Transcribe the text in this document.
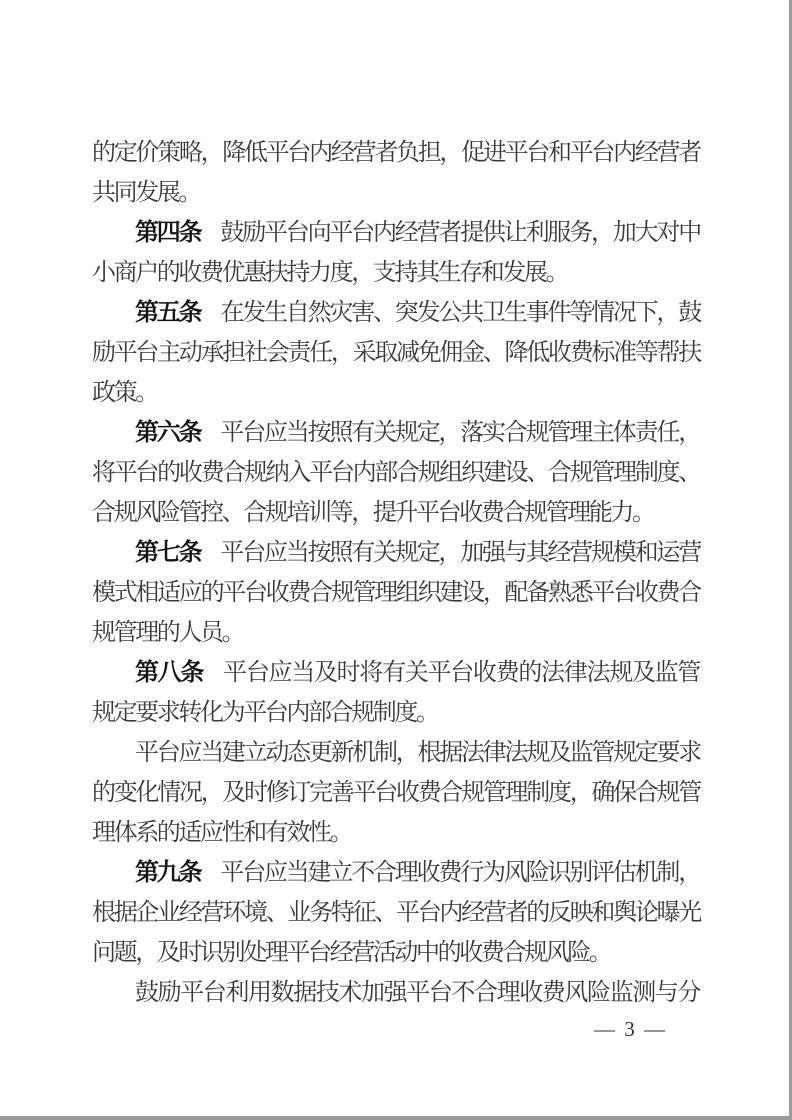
的定价策略，降低平台内经营者负担，促进平台和平台内经营者
共同发展。
第四条 鼓励平台向平台内经营者提供让利服务，加大对中
小商户的收费优惠扶持力度，支持其生存和发展。
第五条 在发生自然灾害、突发公共卫生事件等情况下，鼓
励平台主动承担社会责任，采取减免佣金、降低收费标准等帮扶
政策。
第六条 平台应当按照有关规定，落实合规管理主体责任，
将平台的收费合规纳入平台内部合规组织建设、合规管理制度、
合规风险管控、合规培训等，提升平台收费合规管理能力。
第七条 平台应当按照有关规定，加强与其经营规模和运营
模式相适应的平台收费合规管理组织建设，配备熟悉平台收费合
规管理的人员。
第八条 平台应当及时将有关平台收费的法律法规及监管
规定要求转化为平台内部合规制度。
平台应当建立动态更新机制，根据法律法规及监管规定要求
的变化情况，及时修订完善平台收费合规管理制度，确保合规管
理体系的适应性和有效性。
第九条 平台应当建立不合理收费行为风险识别评估机制，
根据企业经营环境、业务特征、平台内经营者的反映和舆论曝光
问题，及时识别处理平台经营活动中的收费合规风险。
鼓励平台利用数据技术加强平台不合理收费风险监测与分
— 3 —
